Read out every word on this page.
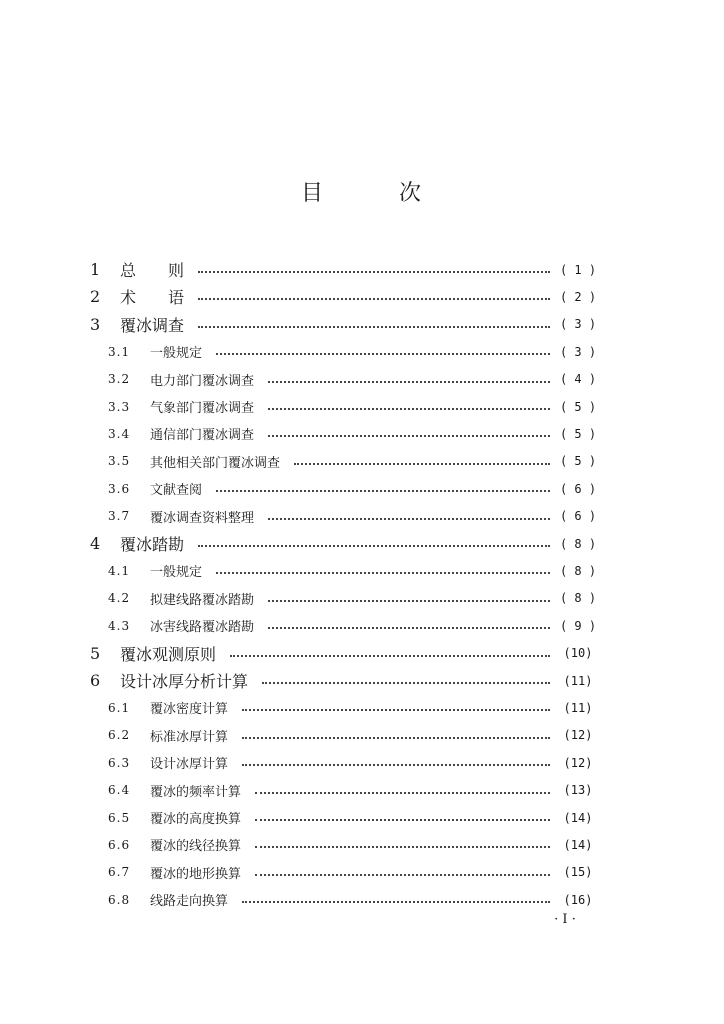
目	次
1 总　　则	( 1 )
2 术　　语	( 2 )
3 覆冰调查	( 3 )
3.1 一般规定	( 3 )
3.2 电力部门覆冰调查	( 4 )
3.3 气象部门覆冰调查	( 5 )
3.4 通信部门覆冰调查	( 5 )
3.5 其他相关部门覆冰调查	( 5 )
3.6 文献查阅	( 6 )
3.7 覆冰调查资料整理	( 6 )
4 覆冰踏勘	( 8 )
4.1 一般规定	( 8 )
4.2 拟建线路覆冰踏勘	( 8 )
4.3 冰害线路覆冰踏勘	( 9 )
5 覆冰观测原则	(10)
6 设计冰厚分析计算	(11)
6.1 覆冰密度计算	(11)
6.2 标准冰厚计算	(12)
6.3 设计冰厚计算	(12)
6.4 覆冰的频率计算	(13)
6.5 覆冰的高度换算	(14)
6.6 覆冰的线径换算	(14)
6.7 覆冰的地形换算	(15)
6.8 线路走向换算	(16)
· Ⅰ ·
